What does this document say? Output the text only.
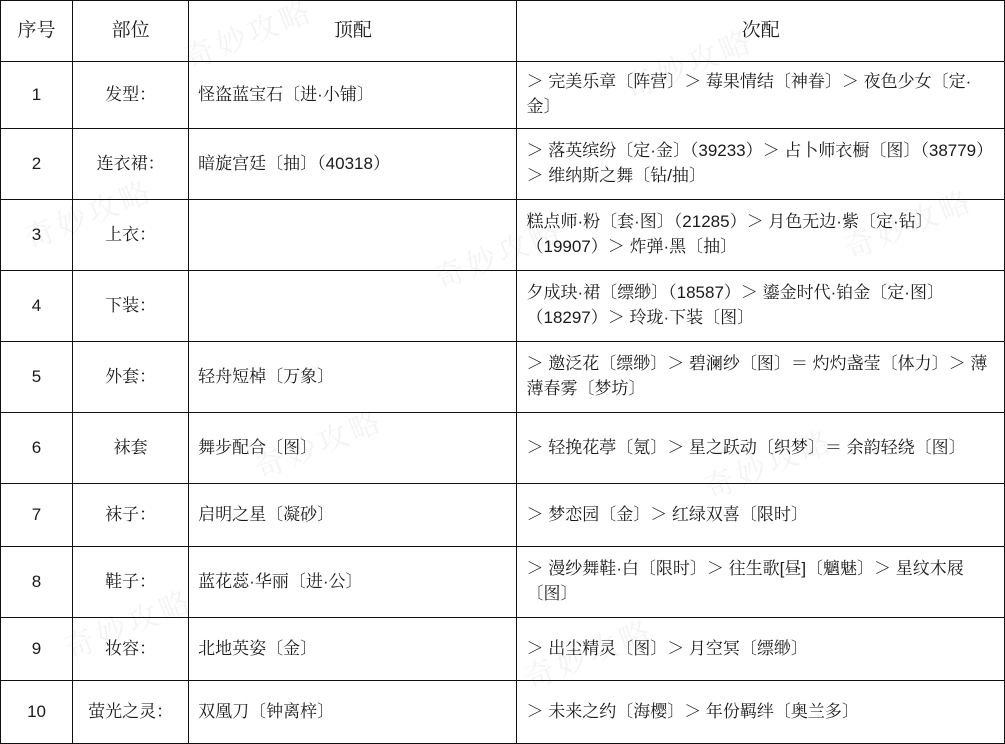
序号	部位	顶配	次配
1	发型：	怪盗蓝宝石〔进·小铺〕	＞ 完美乐章〔阵营〕＞ 莓果情结〔神眷〕＞ 夜色少女〔定·金〕
2	连衣裙：	暗旋宫廷〔抽〕（40318）	＞ 落英缤纷〔定·金〕（39233）＞ 占卜师衣橱〔图〕（38779）＞ 维纳斯之舞〔钻/抽〕
3	上衣：		糕点师·粉〔套·图〕（21285）＞ 月色无边·紫〔定·钻〕（19907）＞ 炸弹·黑〔抽〕
4	下装：		夕成玦·裙〔缥缈〕（18587）＞ 鎏金时代·铂金〔定·图〕（18297）＞ 玲珑·下装〔图〕
5	外套：	轻舟短棹〔万象〕	＞ 邀泛花〔缥缈〕＞ 碧澜纱〔图〕＝ 灼灼盏莹〔体力〕＞ 薄薄春雾〔梦坊〕
6	袜套	舞步配合〔图〕	＞ 轻挽花葶〔氪〕＞ 星之跃动〔织梦〕＝ 余韵轻绕〔图〕
7	袜子：	启明之星〔凝砂〕	＞ 梦恋园〔金〕＞ 红绿双喜〔限时〕
8	鞋子：	蓝花蕊·华丽〔进·公〕	＞ 漫纱舞鞋·白〔限时〕＞ 往生歌[昼]〔魑魅〕＞ 星纹木屐〔图〕
9	妆容：	北地英姿〔金〕	＞ 出尘精灵〔图〕＞ 月空冥〔缥缈〕
10	萤光之灵：	双凰刀〔钟离梓〕	＞ 未来之约〔海樱〕＞ 年份羁绊〔奥兰多〕
